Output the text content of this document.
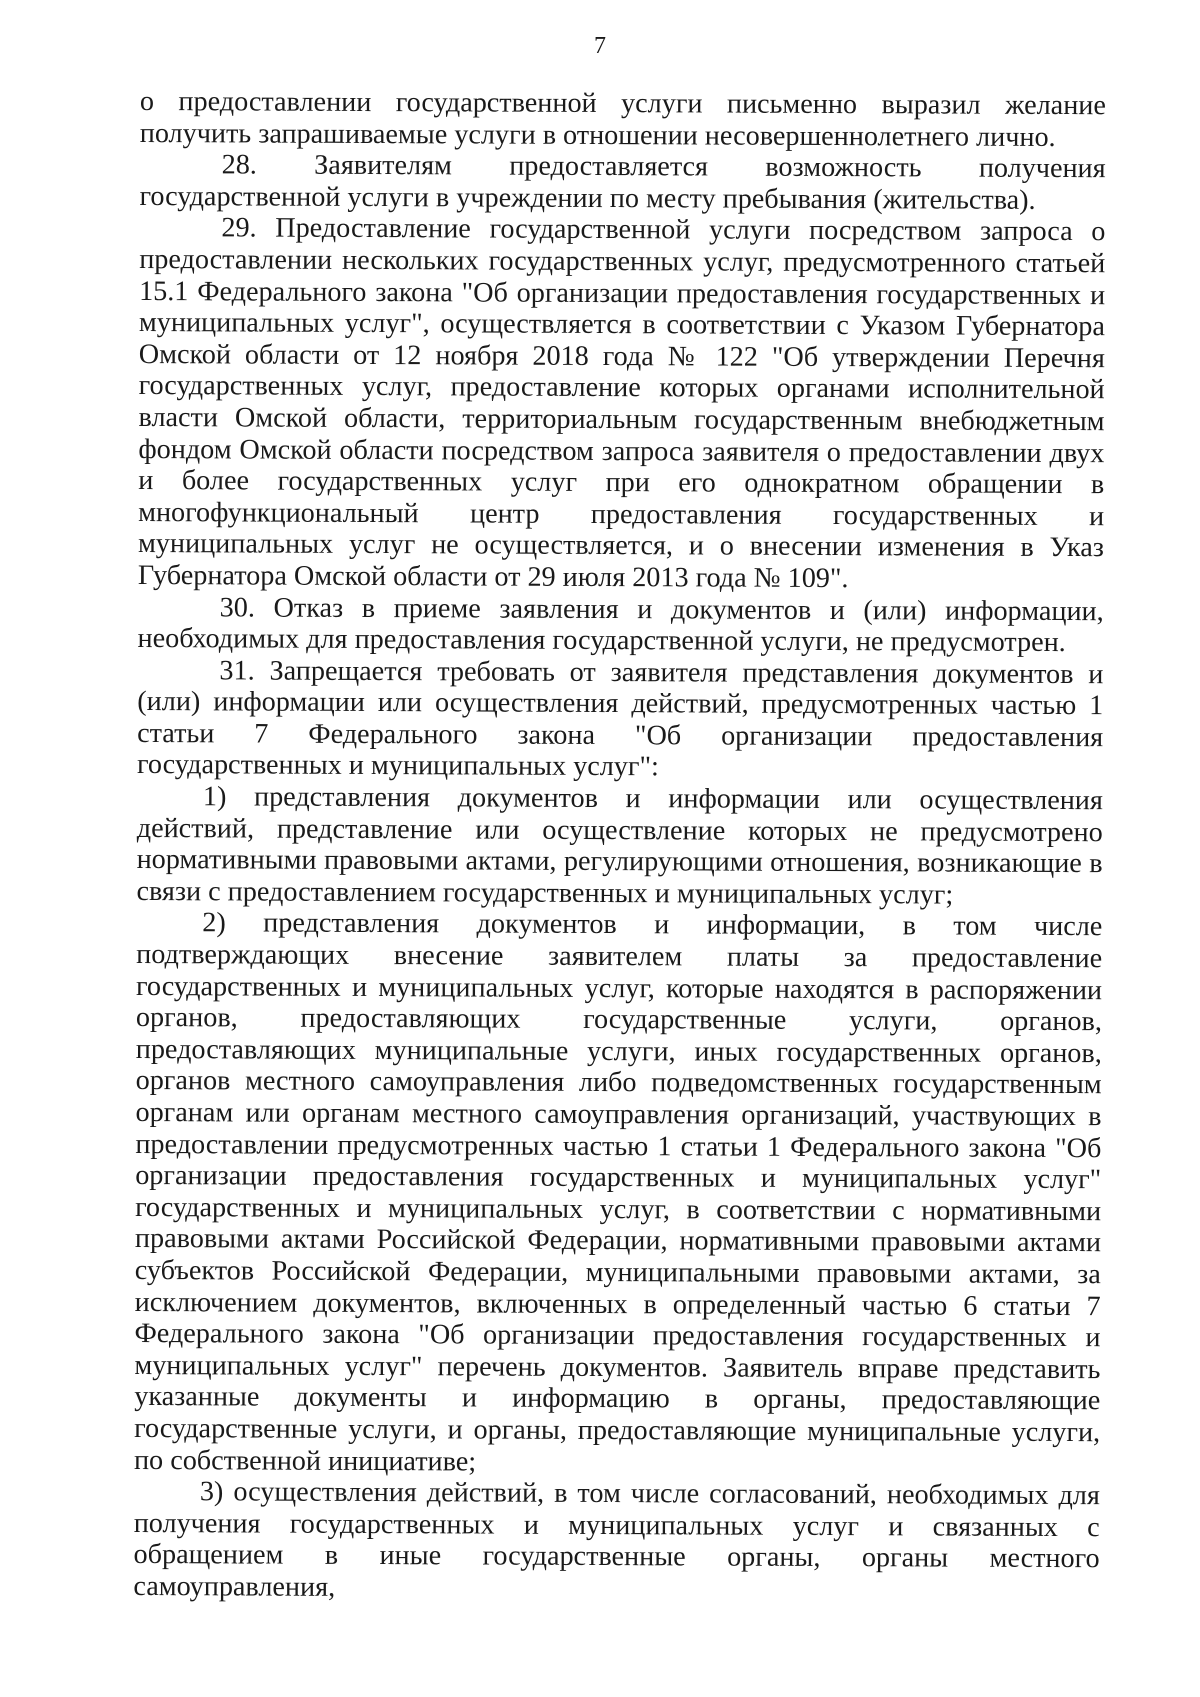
7

о предоставлении государственной услуги письменно выразил желание получить запрашиваемые услуги в отношении несовершеннолетнего лично.

28. Заявителям предоставляется возможность получения государственной услуги в учреждении по месту пребывания (жительства).

29. Предоставление государственной услуги посредством запроса о предоставлении нескольких государственных услуг, предусмотренного статьей 15.1 Федерального закона "Об организации предоставления государственных и муниципальных услуг", осуществляется в соответствии с Указом Губернатора Омской области от 12 ноября 2018 года № 122 "Об утверждении Перечня государственных услуг, предоставление которых органами исполнительной власти Омской области, территориальным государственным внебюджетным фондом Омской области посредством запроса заявителя о предоставлении двух и более государственных услуг при его однократном обращении в многофункциональный центр предоставления государственных и муниципальных услуг не осуществляется, и о внесении изменения в Указ Губернатора Омской области от 29 июля 2013 года № 109".

30. Отказ в приеме заявления и документов и (или) информации, необходимых для предоставления государственной услуги, не предусмотрен.

31. Запрещается требовать от заявителя представления документов и (или) информации или осуществления действий, предусмотренных частью 1 статьи 7 Федерального закона "Об организации предоставления государственных и муниципальных услуг":

1) представления документов и информации или осуществления действий, представление или осуществление которых не предусмотрено нормативными правовыми актами, регулирующими отношения, возникающие в связи с предоставлением государственных и муниципальных услуг;

2) представления документов и информации, в том числе подтверждающих внесение заявителем платы за предоставление государственных и муниципальных услуг, которые находятся в распоряжении органов, предоставляющих государственные услуги, органов, предоставляющих муниципальные услуги, иных государственных органов, органов местного самоуправления либо подведомственных государственным органам или органам местного самоуправления организаций, участвующих в предоставлении предусмотренных частью 1 статьи 1 Федерального закона "Об организации предоставления государственных и муниципальных услуг" государственных и муниципальных услуг, в соответствии с нормативными правовыми актами Российской Федерации, нормативными правовыми актами субъектов Российской Федерации, муниципальными правовыми актами, за исключением документов, включенных в определенный частью 6 статьи 7 Федерального закона "Об организации предоставления государственных и муниципальных услуг" перечень документов. Заявитель вправе представить указанные документы и информацию в органы, предоставляющие государственные услуги, и органы, предоставляющие муниципальные услуги, по собственной инициативе;

3) осуществления действий, в том числе согласований, необходимых для получения государственных и муниципальных услуг и связанных с обращением в иные государственные органы, органы местного самоуправления,
